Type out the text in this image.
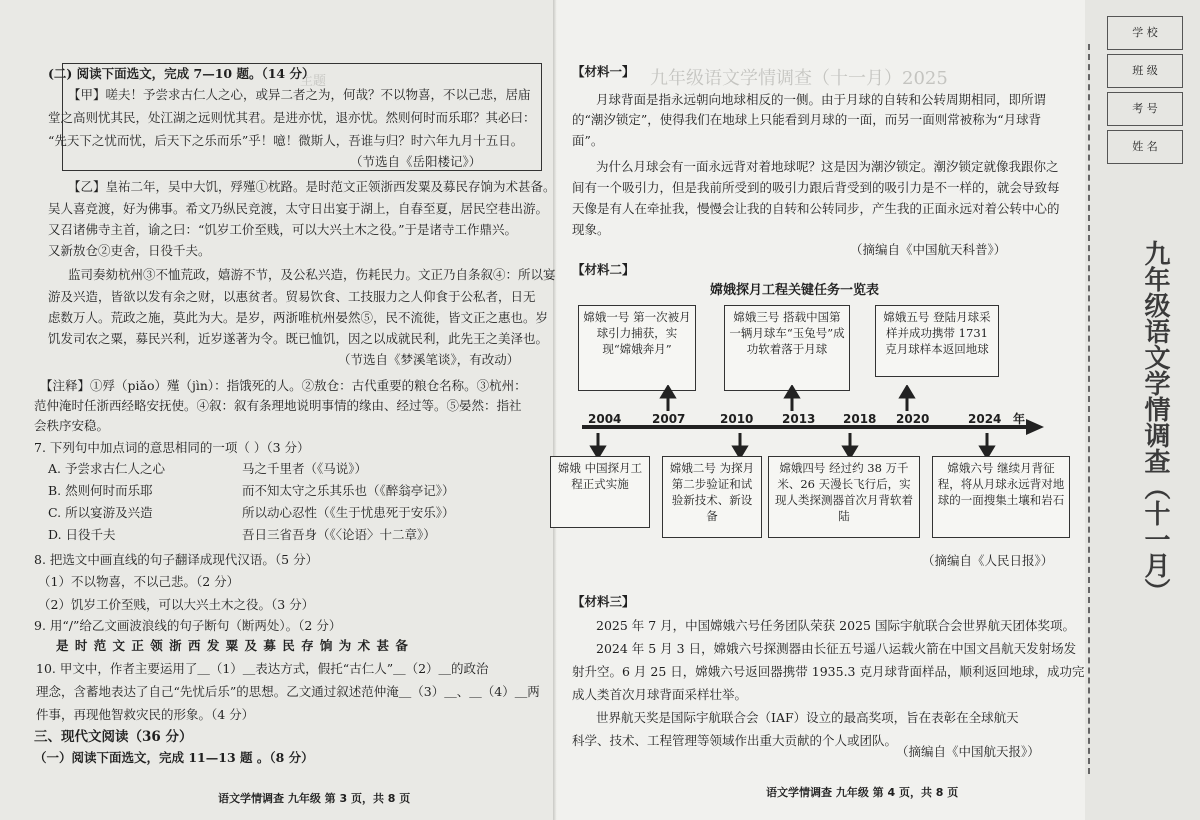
主题	九年级语文学情调查（十一月）2025
(二) 阅读下面选文，完成 7—10 题。（14 分）
【甲】嗟夫！予尝求古仁人之心，或异二者之为，何哉？不以物喜，不以己悲，居庙
堂之高则忧其民，处江湖之远则忧其君。是进亦忧，退亦忧。然则何时而乐耶？其必曰：
“先天下之忧而忧，后天下之乐而乐”乎！噫！微斯人，吾谁与归？时六年九月十五日。
（节选自《岳阳楼记》）
【乙】皇祐二年，吴中大饥，殍殣①枕路。是时范文正领浙西发粟及募民存饷为术甚备。
吴人喜竞渡，好为佛事。希文乃纵民竞渡，太守日出宴于湖上，自春至夏，居民空巷出游。
又召诸佛寺主首，谕之曰：“饥岁工价至贱，可以大兴土木之役。”于是诸寺工作鼎兴。
又新敖仓②吏舍，日役千夫。
监司奏劾杭州③不恤荒政，嬉游不节，及公私兴造，伤耗民力。文正乃自条叙④：所以宴
游及兴造，皆欲以发有余之财，以惠贫者。贸易饮食、工技服力之人仰食于公私者，日无
虑数万人。荒政之施，莫此为大。是岁，两浙唯杭州晏然⑤，民不流徙，皆文正之惠也。岁
饥发司农之粟，募民兴利，近岁遂著为令。既已恤饥，因之以成就民利，此先王之美泽也。
（节选自《梦溪笔谈》，有改动）
【注释】①殍（piǎo）殣（jìn）：指饿死的人。②敖仓：古代重要的粮仓名称。③杭州：
范仲淹时任浙西经略安抚使。④叙：叙有条理地说明事情的缘由、经过等。⑤晏然：指社
会秩序安稳。
7. 下列句中加点词的意思相同的一项（ ）（3 分）
A. 予尝求古仁人之心	马之千里者（《马说》）
B. 然则何时而乐耶	而不知太守之乐其乐也（《醉翁亭记》）
C. 所以宴游及兴造	所以动心忍性（《生于忧患死于安乐》）
D. 日役千夫	吾日三省吾身（《〈论语〉十二章》）
8. 把选文中画直线的句子翻译成现代汉语。（5 分）
（1）不以物喜，不以己悲。（2 分）
（2）饥岁工价至贱，可以大兴土木之役。（3 分）
9. 用“/”给乙文画波浪线的句子断句（断两处）。（2 分）
是 时 范 文 正 领 浙 西 发 粟 及 募 民 存 饷 为 术 甚 备
10. 甲文中，作者主要运用了＿（1）＿表达方式，假托“古仁人”＿（2）＿的政治
理念，含蓄地表达了自己“先忧后乐”的思想。乙文通过叙述范仲淹＿（3）＿、＿（4）＿两
件事，再现他智救灾民的形象。（4 分）
三、现代文阅读（36 分）
（一）阅读下面选文，完成 11—13 题 。（8 分）
语文学情调查 九年级 第 3 页，共 8 页
【材料一】
月球背面是指永远朝向地球相反的一侧。由于月球的自转和公转周期相同，即所谓
的“潮汐锁定”，使得我们在地球上只能看到月球的一面，而另一面则常被称为“月球背
面”。
为什么月球会有一面永远背对着地球呢？这是因为潮汐锁定。潮汐锁定就像我跟你之
间有一个吸引力，但是我前所受到的吸引力跟后背受到的吸引力是不一样的，就会导致每
天像是有人在牵扯我，慢慢会让我的自转和公转同步，产生我的正面永远对着公转中心的
现象。
（摘编自《中国航天科普》）
【材料二】
嫦娥探月工程关键任务一览表
嫦娥一号 第一次被月球引力捕获，实现“嫦娥奔月”
嫦娥三号 搭载中国第一辆月球车“玉兔号”成功软着落于月球
嫦娥五号 登陆月球采样并成功携带 1731 克月球样本返回地球
2004	2007	2010 2013 2018 2020	2024 年
嫦娥 中国探月工程正式实施
嫦娥二号 为探月第二步验证和试验新技术、新设备
嫦娥四号 经过约 38 万千米、26 天漫长飞行后，实现人类探测器首次月背软着陆
嫦娥六号 继续月背征程，将从月球永远背对地球的一面搜集土壤和岩石
（摘编自《人民日报》）
【材料三】
2025 年 7 月，中国嫦娥六号任务团队荣获 2025 国际宇航联合会世界航天团体奖项。
2024 年 5 月 3 日，嫦娥六号探测器由长征五号遥八运载火箭在中国文昌航天发射场发
射升空。6 月 25 日，嫦娥六号返回器携带 1935.3 克月球背面样品，顺利返回地球，成功完
成人类首次月球背面采样壮举。
世界航天奖是国际宇航联合会（IAF）设立的最高奖项，旨在表彰在全球航天
科学、技术、工程管理等领域作出重大贡献的个人或团队。
（摘编自《中国航天报》）
语文学情调查 九年级 第 4 页，共 8 页
学 校
班 级
考 号
姓 名
九年级语文学情调查（十一月）
